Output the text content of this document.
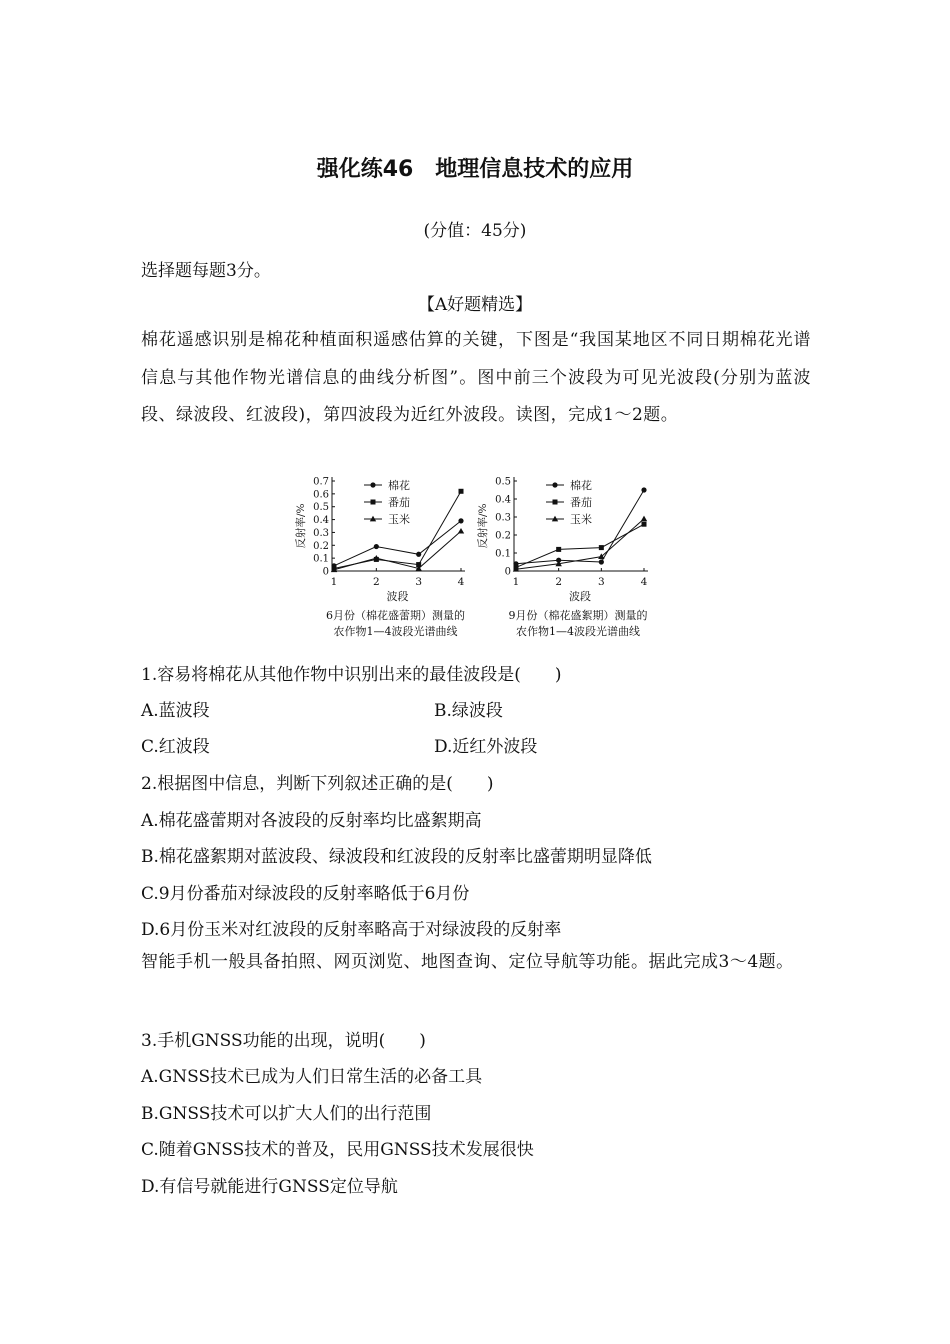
强化练46　地理信息技术的应用
(分值：45分)
选择题每题3分。
【A好题精选】
棉花遥感识别是棉花种植面积遥感估算的关键，下图是“我国某地区不同日期棉花光谱信息与其他作物光谱信息的曲线分析图”。图中前三个波段为可见光波段(分别为蓝波段、绿波段、红波段)，第四波段为近红外波段。读图，完成1～2题。
0
0.1
0.2
0.3
0.4
0.5
0.6
0.7
1	2	3	4
波段
反射率/%
棉花
番茄
玉米
6月份（棉花盛蕾期）测量的
农作物1—4波段光谱曲线
0
0.1
0.2
0.3
0.4
0.5
1	2	3	4
波段
反射率/%
棉花
番茄
玉米
9月份（棉花盛絮期）测量的
农作物1—4波段光谱曲线
1.容易将棉花从其他作物中识别出来的最佳波段是(　　)
A.蓝波段	B.绿波段
C.红波段	D.近红外波段
2.根据图中信息，判断下列叙述正确的是(　　)
A.棉花盛蕾期对各波段的反射率均比盛絮期高
B.棉花盛絮期对蓝波段、绿波段和红波段的反射率比盛蕾期明显降低
C.9月份番茄对绿波段的反射率略低于6月份
D.6月份玉米对红波段的反射率略高于对绿波段的反射率
智能手机一般具备拍照、网页浏览、地图查询、定位导航等功能。据此完成3～4题。
3.手机GNSS功能的出现，说明(　　)
A.GNSS技术已成为人们日常生活的必备工具
B.GNSS技术可以扩大人们的出行范围
C.随着GNSS技术的普及，民用GNSS技术发展很快
D.有信号就能进行GNSS定位导航
